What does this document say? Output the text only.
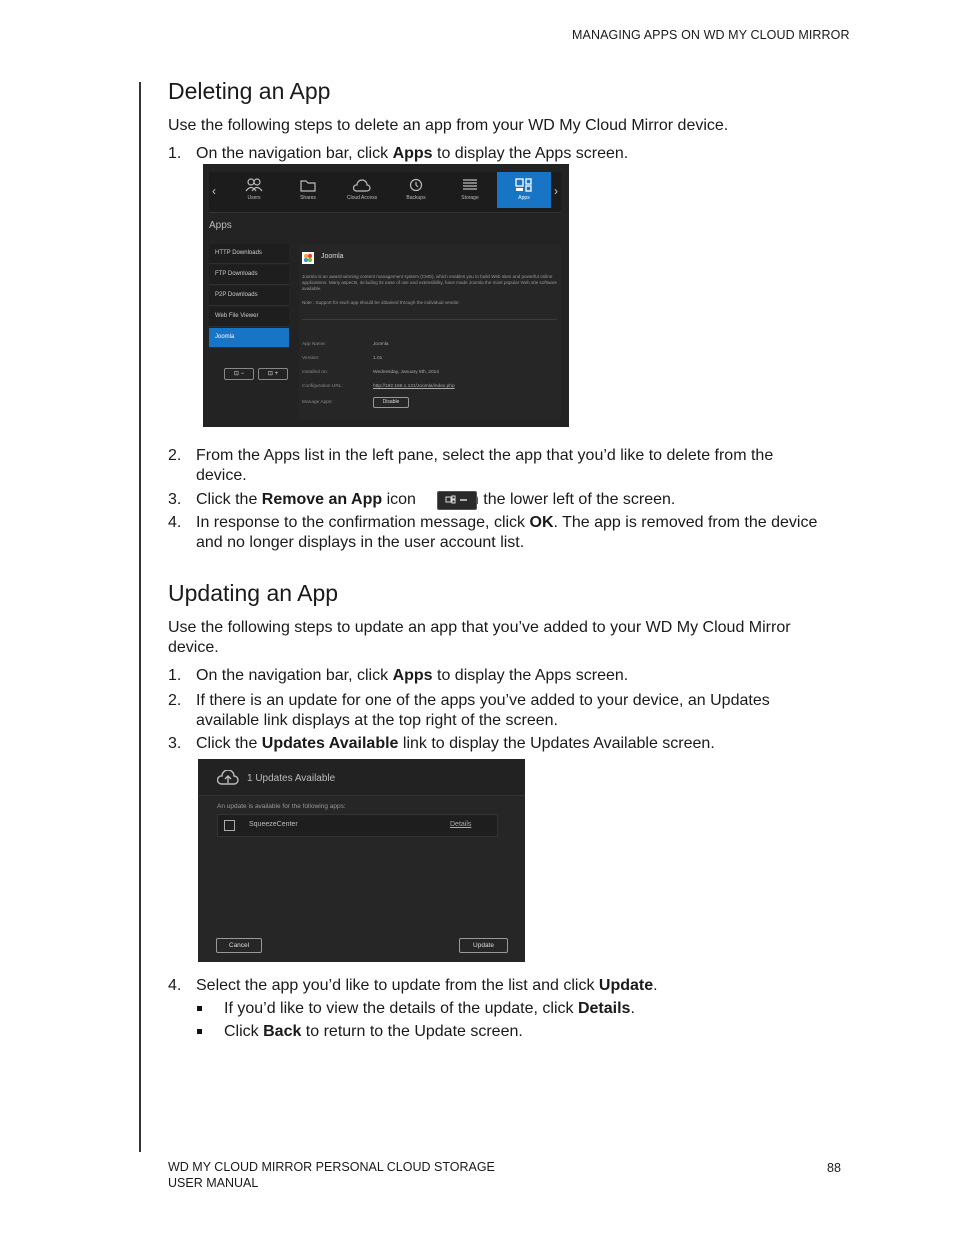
MANAGING APPS ON WD MY CLOUD MIRROR
Deleting an App
Use the following steps to delete an app from your WD My Cloud Mirror device.
1. On the navigation bar, click Apps to display the Apps screen.
‹	Users	Shares	Cloud Access	Backups	Storage	Apps	›
Apps
HTTP Downloads
FTP Downloads
P2P Downloads
Web File Viewer
Joomla
⊡ −	⊡ +
Joomla
Joomla is an award-winning content management system (CMS), which enables you to build Web sites and powerful online applications. Many aspects, including its ease of use and extensibility, have made Joomla the most popular Web site software available.
Note : Support for each app should be obtained through the individual vendor.
App Name:	Joomla
Version:	1.01
Installed on:	Wednesday, January 8th, 2014
Configuration URL:	http://192.168.1.121/Joomla/index.php
Manage Apps:	Disable
2. From the Apps list in the left pane, select the app that you’d like to delete from the
device.
3. Click the Remove an App icon	in the lower left of the screen.
4. In response to the confirmation message, click OK. The app is removed from the device
and no longer displays in the user account list.
Updating an App
Use the following steps to update an app that you’ve added to your WD My Cloud Mirror
device.
1. On the navigation bar, click Apps to display the Apps screen.
2. If there is an update for one of the apps you’ve added to your device, an Updates
available link displays at the top right of the screen.
3. Click the Updates Available link to display the Updates Available screen.
1 Updates Available
An update is available for the following apps:
SqueezeCenter	Details
Cancel	Update
4. Select the app you’d like to update from the list and click Update.
If you’d like to view the details of the update, click Details.
Click Back to return to the Update screen.
WD MY CLOUD MIRROR PERSONAL CLOUD STORAGE
USER MANUAL
88
